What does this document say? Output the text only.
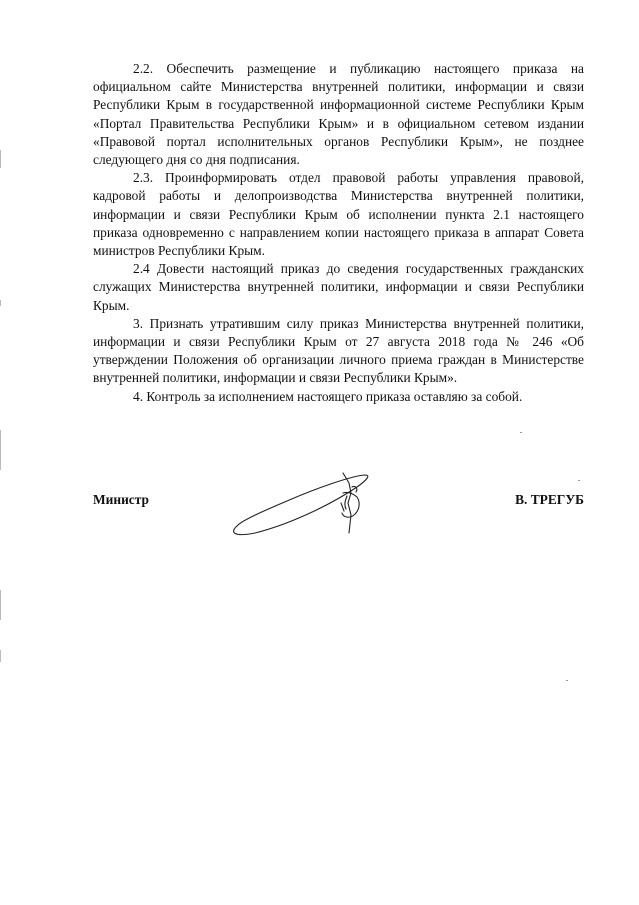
2.2. Обеспечить размещение и публикацию настоящего приказа на официальном сайте Министерства внутренней политики, информации и связи Республики Крым в государственной информационной системе Республики Крым «Портал Правительства Республики Крым» и в официальном сетевом издании «Правовой портал исполнительных органов Республики Крым», не позднее следующего дня со дня подписания.

2.3. Проинформировать отдел правовой работы управления правовой, кадровой работы и делопроизводства Министерства внутренней политики, информации и связи Республики Крым об исполнении пункта 2.1 настоящего приказа одновременно с направлением копии настоящего приказа в аппарат Совета министров Республики Крым.

2.4 Довести настоящий приказ до сведения государственных гражданских служащих Министерства внутренней политики, информации и связи Республики Крым.

3. Признать утратившим силу приказ Министерства внутренней политики, информации и связи Республики Крым от 27 августа 2018 года № 246 «Об утверждении Положения об организации личного приема граждан в Министерстве внутренней политики, информации и связи Республики Крым».

4. Контроль за исполнением настоящего приказа оставляю за собой.

Министр	В. ТРЕГУБ
